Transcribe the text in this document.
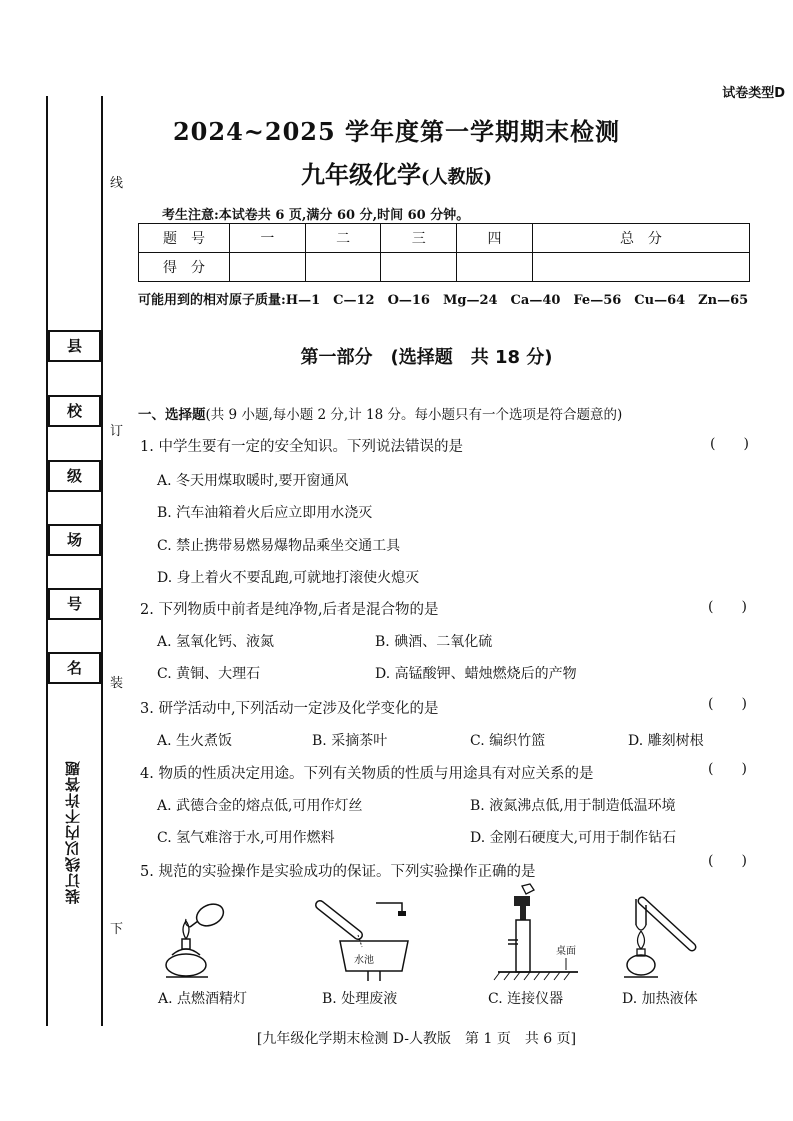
试卷类型D
县
校
级
场
号
名
线
订
装
下
装订线以内不许答题
2024~2025 学年度第一学期期末检测
九年级化学(人教版)
考生注意:本试卷共 6 页,满分 60 分,时间 60 分钟。
题　号	一	二	三	四	总　分
得　分					
可能用到的相对原子质量:H—1　C—12　O—16　Mg—24　Ca—40　Fe—56　Cu—64　Zn—65
第一部分　(选择题　共 18 分)
一、选择题(共 9 小题,每小题 2 分,计 18 分。每小题只有一个选项是符合题意的)
1. 中学生要有一定的安全知识。下列说法错误的是	(　　)
A. 冬天用煤取暖时,要开窗通风
B. 汽车油箱着火后应立即用水浇灭
C. 禁止携带易燃易爆物品乘坐交通工具
D. 身上着火不要乱跑,可就地打滚使火熄灭
2. 下列物质中前者是纯净物,后者是混合物的是	(　　)
A. 氢氧化钙、液氮	B. 碘酒、二氧化硫
C. 黄铜、大理石	D. 高锰酸钾、蜡烛燃烧后的产物
3. 研学活动中,下列活动一定涉及化学变化的是	(　　)
A. 生火煮饭	B. 采摘茶叶	C. 编织竹篮	D. 雕刻树根
4. 物质的性质决定用途。下列有关物质的性质与用途具有对应关系的是	(　　)
A. 武德合金的熔点低,可用作灯丝	B. 液氮沸点低,用于制造低温环境
C. 氢气难溶于水,可用作燃料	D. 金刚石硬度大,可用于制作钻石
5. 规范的实验操作是实验成功的保证。下列实验操作正确的是
(　　)
A. 点燃酒精灯
水池
B. 处理废液
桌面
C. 连接仪器	D. 加热液体
[九年级化学期末检测 D-人教版　第 1 页　共 6 页]
